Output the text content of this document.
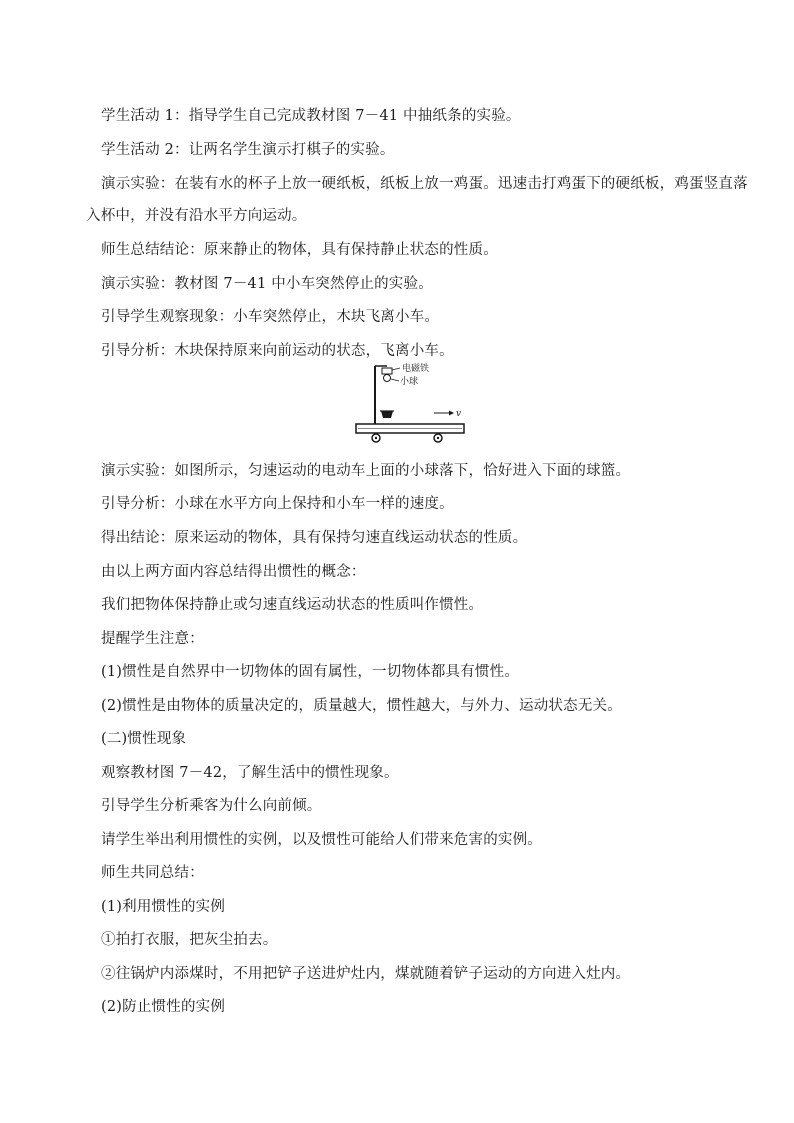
学生活动 1：指导学生自己完成教材图 7－41 中抽纸条的实验。
学生活动 2：让两名学生演示打棋子的实验。
演示实验：在装有水的杯子上放一硬纸板，纸板上放一鸡蛋。迅速击打鸡蛋下的硬纸板，鸡蛋竖直落
入杯中，并没有沿水平方向运动。
师生总结结论：原来静止的物体，具有保持静止状态的性质。
演示实验：教材图 7－41 中小车突然停止的实验。
引导学生观察现象：小车突然停止，木块飞离小车。
引导分析：木块保持原来向前运动的状态，飞离小车。
电磁铁
小球
v
演示实验：如图所示，匀速运动的电动车上面的小球落下，恰好进入下面的球篮。
引导分析：小球在水平方向上保持和小车一样的速度。
得出结论：原来运动的物体，具有保持匀速直线运动状态的性质。
由以上两方面内容总结得出惯性的概念：
我们把物体保持静止或匀速直线运动状态的性质叫作惯性。
提醒学生注意：
(1)惯性是自然界中一切物体的固有属性，一切物体都具有惯性。
(2)惯性是由物体的质量决定的，质量越大，惯性越大，与外力、运动状态无关。
(二)惯性现象
观察教材图 7－42，了解生活中的惯性现象。
引导学生分析乘客为什么向前倾。
请学生举出利用惯性的实例，以及惯性可能给人们带来危害的实例。
师生共同总结：
(1)利用惯性的实例
①拍打衣服，把灰尘拍去。
②往锅炉内添煤时，不用把铲子送进炉灶内，煤就随着铲子运动的方向进入灶内。
(2)防止惯性的实例
